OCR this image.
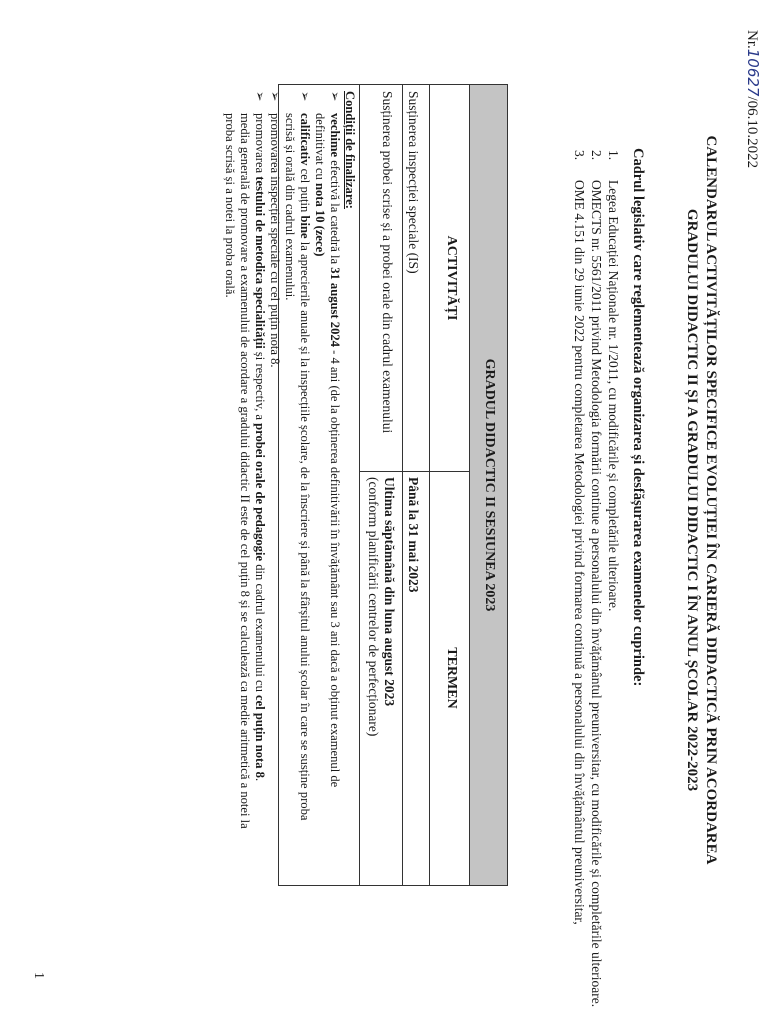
Nr.10627/06.10.2022
CALENDARUL ACTIVITĂȚILOR SPECIFICE EVOLUȚIEI ÎN CARIERĂ DIDACTICĂ PRIN ACORDAREA
GRADULUI DIDACTIC II ȘI A GRADULUI DIDACTIC I ÎN ANUL ȘCOLAR 2022-2023
Cadrul legislativ care reglementează organizarea și desfășurarea examenelor cuprinde:
1.
Legea Educației Naționale nr. 1/2011, cu modificările și completările ulterioare.
2.
OMECTS nr. 5561/2011 privind Metodologia formării continue a personalului din învățământul preuniversitar, cu modificările și completările ulterioare.
3.
OME 4.151 din 29 iunie 2022 pentru completarea Metodologiei privind formarea continuă a personalului din învățământul preuniversitar,
GRADUL DIDACTIC II SESIUNEA 2023
ACTIVITĂȚI
TERMEN
Susținerea inspecției speciale (IS)
Până la 31 mai 2023
Susținerea probei scrise și a probei orale din cadrul examenului
Ultima săptămână din luna august 2023
(conform planificării centrelor de perfecționare)
Condiții de finalizare:
➢
vechime efectivă la catedră la 31 august 2024 - 4 ani (de la obținerea definitivării în învățământ sau 3 ani dacă a obținut examenul de
definitivat cu nota 10 (zece)
➢
calificativ cel puțin bine la aprecierile anuale și la inspecțiile școlare, de la înscriere și până la sfârșitul anului școlar în care se susține proba
scrisă și orală din cadrul examenului.
➢
promovarea inspecției speciale cu cel puțin nota 8.
➢
promovarea testului de metodica specialității și respectiv, a probei orale de pedagogie din cadrul examenului cu cel puțin nota 8.
media generală de promovare a examenului de acordare a gradului didactic II este de cel puțin 8 și se calculează ca medie aritmetică a notei la
proba scrisă și a notei la proba orală.
1
